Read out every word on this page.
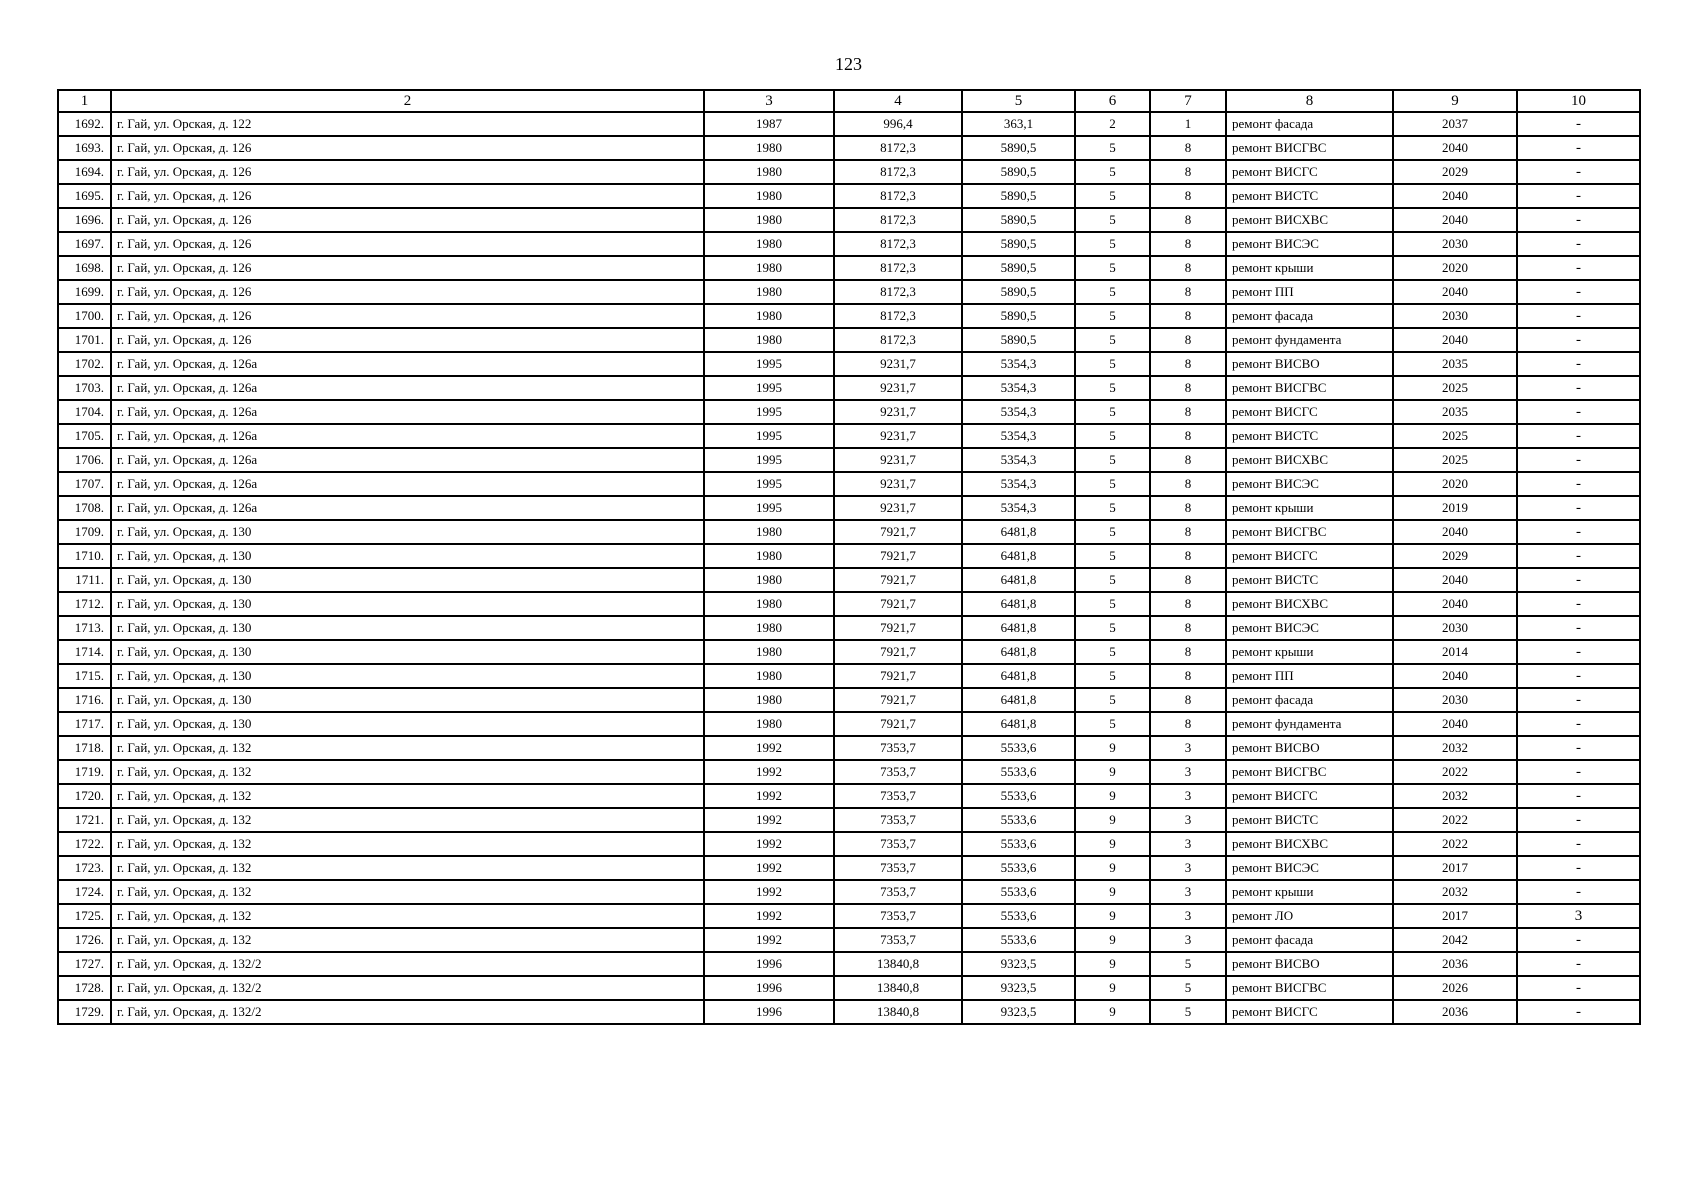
123
1	2	3	4	5	6	7	8	9	10
1692.	г. Гай, ул. Орская, д. 122	1987	996,4	363,1	2	1	ремонт фасада	2037	-
1693.	г. Гай, ул. Орская, д. 126	1980	8172,3	5890,5	5	8	ремонт ВИСГВС	2040	-
1694.	г. Гай, ул. Орская, д. 126	1980	8172,3	5890,5	5	8	ремонт ВИСГС	2029	-
1695.	г. Гай, ул. Орская, д. 126	1980	8172,3	5890,5	5	8	ремонт ВИСТС	2040	-
1696.	г. Гай, ул. Орская, д. 126	1980	8172,3	5890,5	5	8	ремонт ВИСХВС	2040	-
1697.	г. Гай, ул. Орская, д. 126	1980	8172,3	5890,5	5	8	ремонт ВИСЭС	2030	-
1698.	г. Гай, ул. Орская, д. 126	1980	8172,3	5890,5	5	8	ремонт крыши	2020	-
1699.	г. Гай, ул. Орская, д. 126	1980	8172,3	5890,5	5	8	ремонт ПП	2040	-
1700.	г. Гай, ул. Орская, д. 126	1980	8172,3	5890,5	5	8	ремонт фасада	2030	-
1701.	г. Гай, ул. Орская, д. 126	1980	8172,3	5890,5	5	8	ремонт фундамента	2040	-
1702.	г. Гай, ул. Орская, д. 126а	1995	9231,7	5354,3	5	8	ремонт ВИСВО	2035	-
1703.	г. Гай, ул. Орская, д. 126а	1995	9231,7	5354,3	5	8	ремонт ВИСГВС	2025	-
1704.	г. Гай, ул. Орская, д. 126а	1995	9231,7	5354,3	5	8	ремонт ВИСГС	2035	-
1705.	г. Гай, ул. Орская, д. 126а	1995	9231,7	5354,3	5	8	ремонт ВИСТС	2025	-
1706.	г. Гай, ул. Орская, д. 126а	1995	9231,7	5354,3	5	8	ремонт ВИСХВС	2025	-
1707.	г. Гай, ул. Орская, д. 126а	1995	9231,7	5354,3	5	8	ремонт ВИСЭС	2020	-
1708.	г. Гай, ул. Орская, д. 126а	1995	9231,7	5354,3	5	8	ремонт крыши	2019	-
1709.	г. Гай, ул. Орская, д. 130	1980	7921,7	6481,8	5	8	ремонт ВИСГВС	2040	-
1710.	г. Гай, ул. Орская, д. 130	1980	7921,7	6481,8	5	8	ремонт ВИСГС	2029	-
1711.	г. Гай, ул. Орская, д. 130	1980	7921,7	6481,8	5	8	ремонт ВИСТС	2040	-
1712.	г. Гай, ул. Орская, д. 130	1980	7921,7	6481,8	5	8	ремонт ВИСХВС	2040	-
1713.	г. Гай, ул. Орская, д. 130	1980	7921,7	6481,8	5	8	ремонт ВИСЭС	2030	-
1714.	г. Гай, ул. Орская, д. 130	1980	7921,7	6481,8	5	8	ремонт крыши	2014	-
1715.	г. Гай, ул. Орская, д. 130	1980	7921,7	6481,8	5	8	ремонт ПП	2040	-
1716.	г. Гай, ул. Орская, д. 130	1980	7921,7	6481,8	5	8	ремонт фасада	2030	-
1717.	г. Гай, ул. Орская, д. 130	1980	7921,7	6481,8	5	8	ремонт фундамента	2040	-
1718.	г. Гай, ул. Орская, д. 132	1992	7353,7	5533,6	9	3	ремонт ВИСВО	2032	-
1719.	г. Гай, ул. Орская, д. 132	1992	7353,7	5533,6	9	3	ремонт ВИСГВС	2022	-
1720.	г. Гай, ул. Орская, д. 132	1992	7353,7	5533,6	9	3	ремонт ВИСГС	2032	-
1721.	г. Гай, ул. Орская, д. 132	1992	7353,7	5533,6	9	3	ремонт ВИСТС	2022	-
1722.	г. Гай, ул. Орская, д. 132	1992	7353,7	5533,6	9	3	ремонт ВИСХВС	2022	-
1723.	г. Гай, ул. Орская, д. 132	1992	7353,7	5533,6	9	3	ремонт ВИСЭС	2017	-
1724.	г. Гай, ул. Орская, д. 132	1992	7353,7	5533,6	9	3	ремонт крыши	2032	-
1725.	г. Гай, ул. Орская, д. 132	1992	7353,7	5533,6	9	3	ремонт ЛО	2017	3
1726.	г. Гай, ул. Орская, д. 132	1992	7353,7	5533,6	9	3	ремонт фасада	2042	-
1727.	г. Гай, ул. Орская, д. 132/2	1996	13840,8	9323,5	9	5	ремонт ВИСВО	2036	-
1728.	г. Гай, ул. Орская, д. 132/2	1996	13840,8	9323,5	9	5	ремонт ВИСГВС	2026	-
1729.	г. Гай, ул. Орская, д. 132/2	1996	13840,8	9323,5	9	5	ремонт ВИСГС	2036	-
